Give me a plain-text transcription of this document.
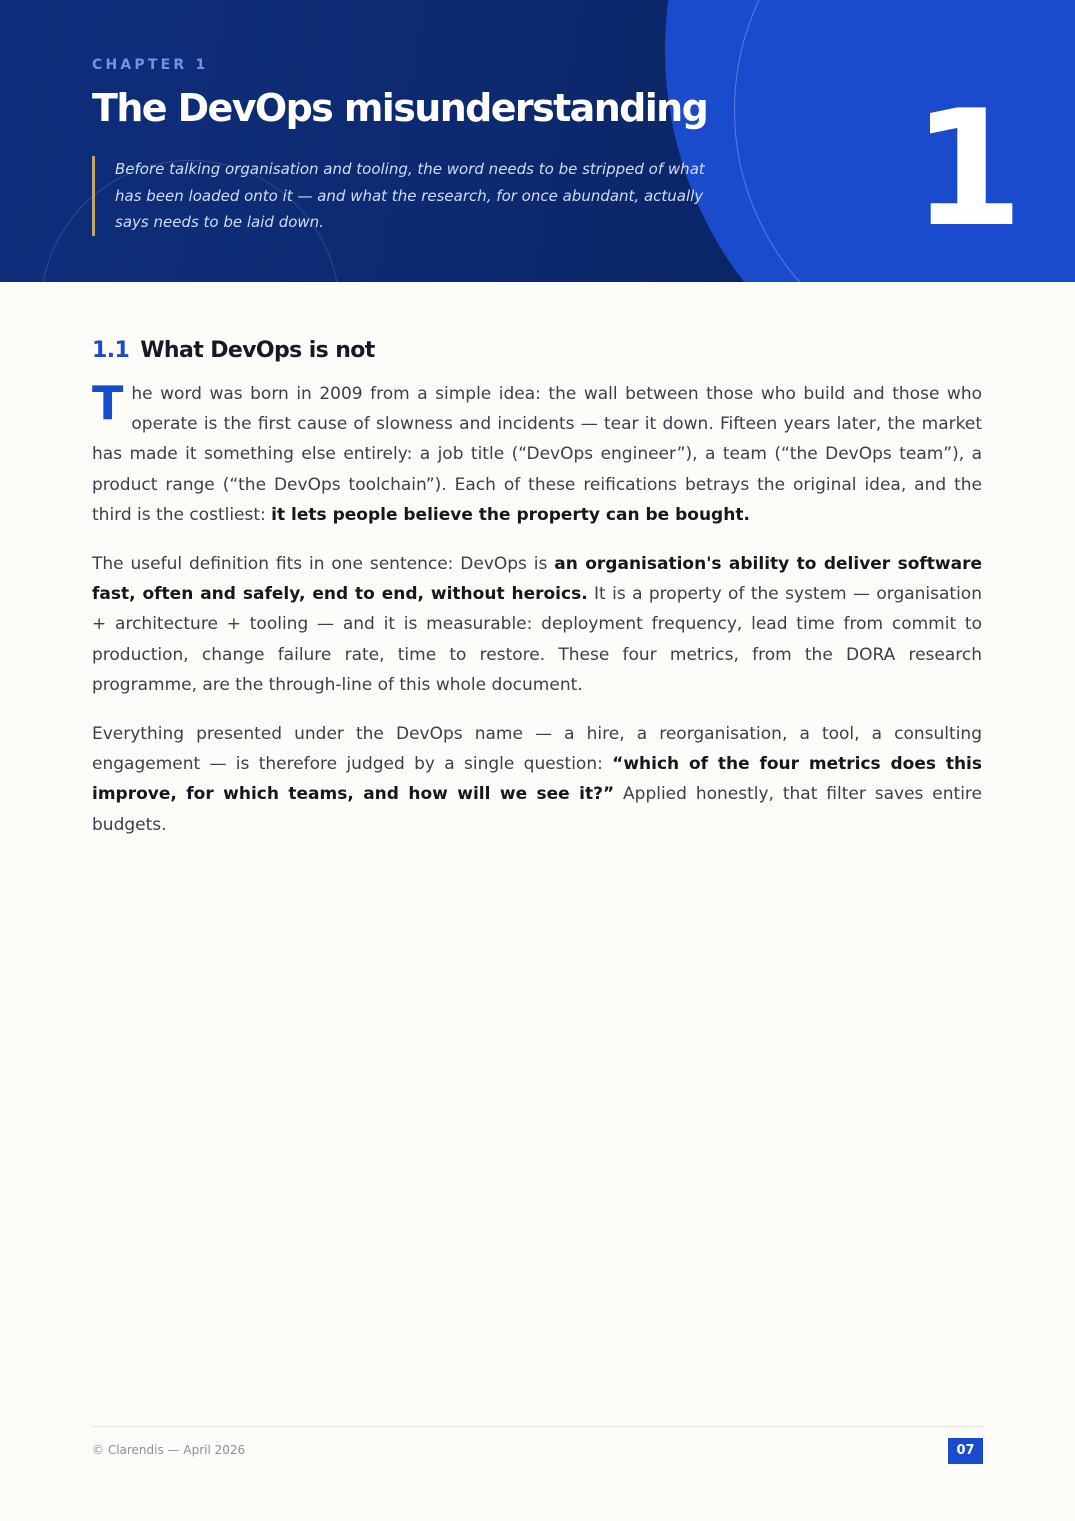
CHAPTER 1
The DevOps misunderstanding
Before talking organisation and tooling, the word needs to be stripped of what has been loaded onto it — and what the research, for once abundant, actually says needs to be laid down.	1
1.1 What DevOps is not

The word was born in 2009 from a simple idea: the wall between those who build and those who operate is the first cause of slowness and incidents — tear it down. Fifteen years later, the market has made it something else entirely: a job title (“DevOps engineer”), a team (“the DevOps team”), a product range (“the DevOps toolchain”). Each of these reifications betrays the original idea, and the third is the costliest: it lets people believe the property can be bought.

The useful definition fits in one sentence: DevOps is an organisation's ability to deliver software fast, often and safely, end to end, without heroics. It is a property of the system — organisation + architecture + tooling — and it is measurable: deployment frequency, lead time from commit to production, change failure rate, time to restore. These four metrics, from the DORA research programme, are the through-line of this whole document.

Everything presented under the DevOps name — a hire, a reorganisation, a tool, a consulting engagement — is therefore judged by a single question: “which of the four metrics does this improve, for which teams, and how will we see it?” Applied honestly, that filter saves entire budgets.

© Clarendis — April 2026	07
